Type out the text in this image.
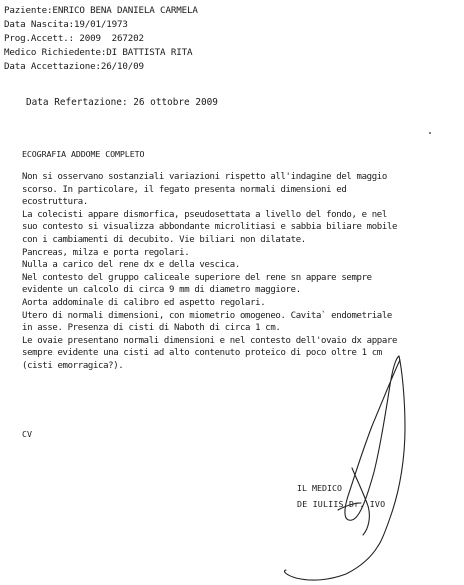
Paziente:ENRICO BENA DANIELA CARMELA
Data Nascita:19/01/1973
Prog.Accett.: 2009  267202
Medico Richiedente:DI BATTISTA RITA
Data Accettazione:26/10/09
Data Refertazione: 26 ottobre 2009
ECOGRAFIA ADDOME COMPLETO
Non si osservano sostanziali variazioni rispetto all'indagine del maggio
scorso. In particolare, il fegato presenta normali dimensioni ed
ecostruttura.
La colecisti appare dismorfica, pseudosettata a livello del fondo, e nel
suo contesto si visualizza abbondante microlitiasi e sabbia biliare mobile
con i cambiamenti di decubito. Vie biliari non dilatate.
Pancreas, milza e porta regolari.
Nulla a carico del rene dx e della vescica.
Nel contesto del gruppo caliceale superiore del rene sn appare sempre
evidente un calcolo di circa 9 mm di diametro maggiore.
Aorta addominale di calibro ed aspetto regolari.
Utero di normali dimensioni, con miometrio omogeneo. Cavita` endometriale
in asse. Presenza di cisti di Naboth di circa 1 cm.
Le ovaie presentano normali dimensioni e nel contesto dell'ovaio dx appare
sempre evidente una cisti ad alto contenuto proteico di poco oltre 1 cm
(cisti emorragica?).
CV
IL MEDICO
DE IULIIS Dr. IVO
